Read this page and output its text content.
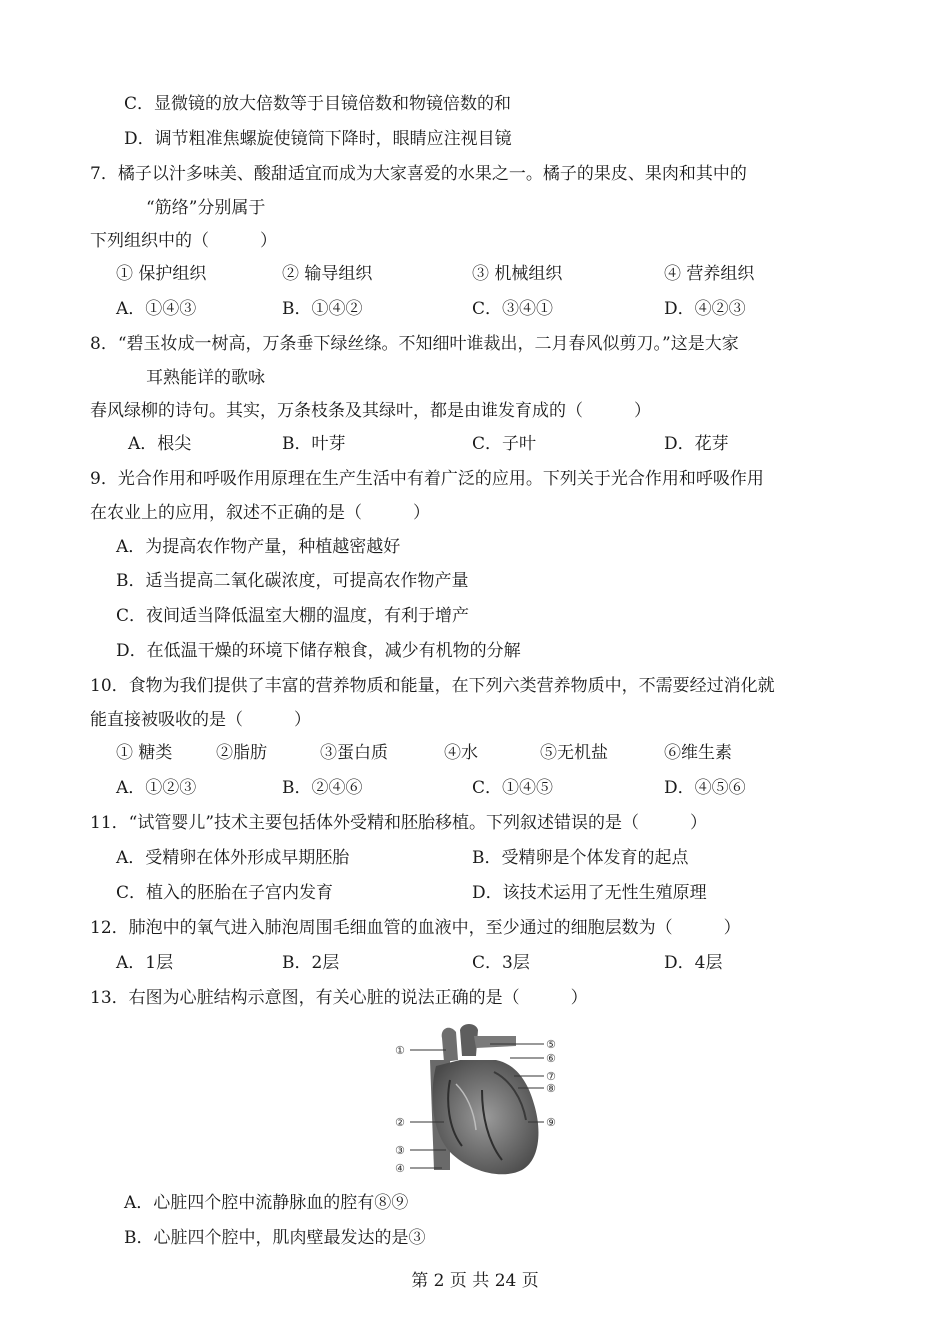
C．显微镜的放大倍数等于目镜倍数和物镜倍数的和
D．调节粗准焦螺旋使镜筒下降时，眼睛应注视目镜
7．橘子以汁多味美、酸甜适宜而成为大家喜爱的水果之一。橘子的果皮、果肉和其中的
“筋络”分别属于
下列组织中的（　　　）
① 保护组织	② 输导组织	③ 机械组织	④ 营养组织
A．①④③	B．①④②	C．③④①	D．④②③
8．“碧玉妆成一树高，万条垂下绿丝绦。不知细叶谁裁出，二月春风似剪刀。”这是大家
耳熟能详的歌咏
春风绿柳的诗句。其实，万条枝条及其绿叶，都是由谁发育成的（　　　）
A．根尖	B．叶芽	C．子叶	D．花芽
9．光合作用和呼吸作用原理在生产生活中有着广泛的应用。下列关于光合作用和呼吸作用
在农业上的应用，叙述不正确的是（　　　）
A．为提高农作物产量，种植越密越好
B．适当提高二氧化碳浓度，可提高农作物产量
C．夜间适当降低温室大棚的温度，有利于增产
D．在低温干燥的环境下储存粮食，减少有机物的分解
10．食物为我们提供了丰富的营养物质和能量，在下列六类营养物质中，不需要经过消化就
能直接被吸收的是（　　　）
① 糖类	②脂肪	③蛋白质	④水	⑤无机盐	⑥维生素
A．①②③	B．②④⑥	C．①④⑤	D．④⑤⑥
11．“试管婴儿”技术主要包括体外受精和胚胎移植。下列叙述错误的是（　　　）
A．受精卵在体外形成早期胚胎	B．受精卵是个体发育的起点
C．植入的胚胎在子宫内发育	D．该技术运用了无性生殖原理
12．肺泡中的氧气进入肺泡周围毛细血管的血液中，至少通过的细胞层数为（　　　）
A．1层	B．2层	C．3层	D．4层
13．右图为心脏结构示意图，有关心脏的说法正确的是（　　　）
①
②
③
④
⑤
⑥
⑦
⑧
⑨
A．心脏四个腔中流静脉血的腔有⑧⑨
B．心脏四个腔中，肌肉壁最发达的是③
第 2 页 共 24 页
